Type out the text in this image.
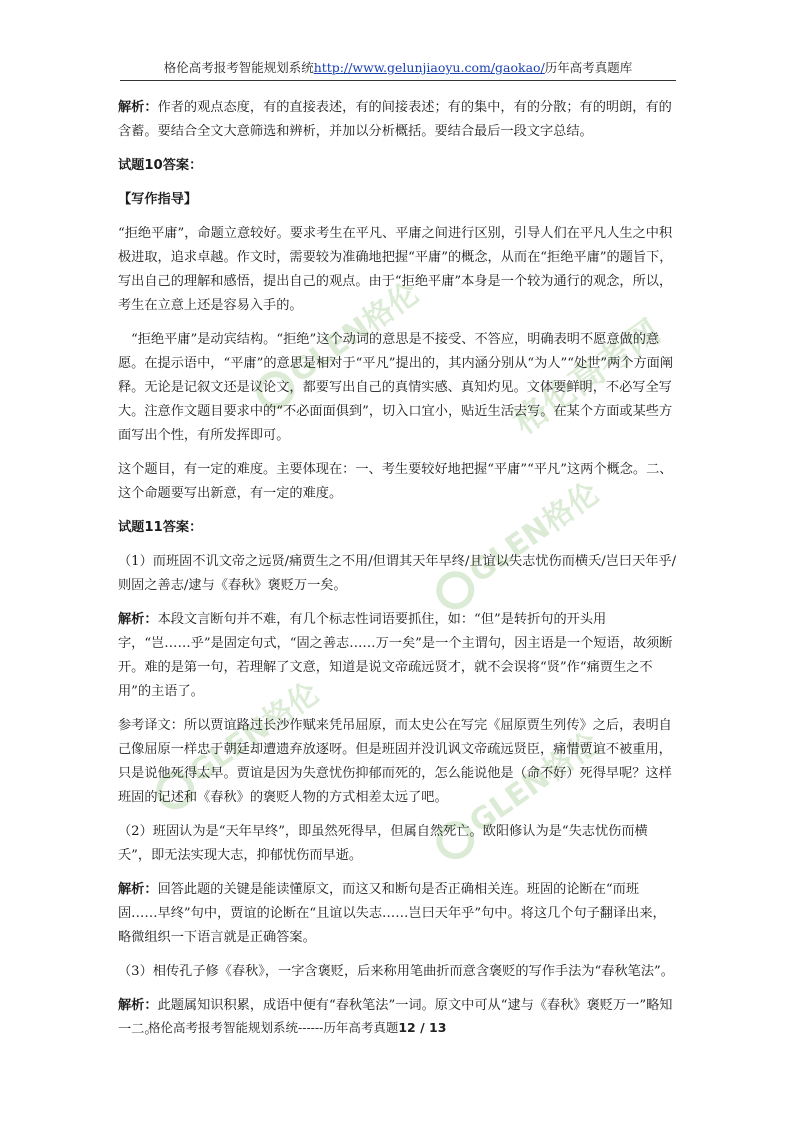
格伦高考报考智能规划系统http://www.gelunjiaoyu.com/gaokao/历年高考真题库
GLEN格伦 格伦高考网
GLEN格伦
GLEN格伦	GLEN格伦

解析：作者的观点态度，有的直接表述，有的间接表述；有的集中，有的分散；有的明朗，有的含蓄。要结合全文大意筛选和辨析，并加以分析概括。要结合最后一段文字总结。

试题10答案：

【写作指导】

“拒绝平庸”，命题立意较好。要求考生在平凡、平庸之间进行区别，引导人们在平凡人生之中积极进取，追求卓越。作文时，需要较为准确地把握“平庸”的概念，从而在“拒绝平庸”的题旨下，写出自己的理解和感悟，提出自己的观点。由于“拒绝平庸”本身是一个较为通行的观念，所以，考生在立意上还是容易入手的。

“拒绝平庸”是动宾结构。“拒绝”这个动词的意思是不接受、不答应，明确表明不愿意做的意愿。在提示语中，“平庸”的意思是相对于“平凡”提出的，其内涵分别从“为人”“处世”两个方面阐释。无论是记叙文还是议论文，都要写出自己的真情实感、真知灼见。文体要鲜明，不必写全写大。注意作文题目要求中的“不必面面俱到”，切入口宜小，贴近生活去写。在某个方面或某些方面写出个性，有所发挥即可。

这个题目，有一定的难度。主要体现在：一、考生要较好地把握“平庸”“平凡”这两个概念。二、这个命题要写出新意，有一定的难度。

试题11答案：

（1）而班固不讥文帝之远贤/痛贾生之不用/但谓其天年早终/且谊以失志忧伤而横夭/岂曰天年乎/则固之善志/逮与《春秋》褒贬万一矣。

解析：本段文言断句并不难，有几个标志性词语要抓住，如：“但”是转折句的开头用字，“岂……乎”是固定句式，“固之善志……万一矣”是一个主谓句，因主语是一个短语，故须断开。难的是第一句，若理解了文意，知道是说文帝疏远贤才，就不会误将“贤”作“痛贾生之不用”的主语了。

参考译文：所以贾谊路过长沙作赋来凭吊屈原，而太史公在写完《屈原贾生列传》之后，表明自己像屈原一样忠于朝廷却遭遗弃放逐呀。但是班固并没讥讽文帝疏远贤臣，痛惜贾谊不被重用，只是说他死得太早。贾谊是因为失意忧伤抑郁而死的，怎么能说他是（命不好）死得早呢？这样班固的记述和《春秋》的褒贬人物的方式相差太远了吧。

（2）班固认为是“天年早终”，即虽然死得早，但属自然死亡。欧阳修认为是“失志忧伤而横夭”，即无法实现大志，抑郁忧伤而早逝。

解析：回答此题的关键是能读懂原文，而这又和断句是否正确相关连。班固的论断在“而班固……早终”句中，贾谊的论断在“且谊以失志……岂曰天年乎”句中。将这几个句子翻译出来，略微组织一下语言就是正确答案。

（3）相传孔子修《春秋》，一字含褒贬，后来称用笔曲折而意含褒贬的写作手法为“春秋笔法”。

解析：此题属知识积累，成语中便有“春秋笔法”一词。原文中可从“逮与《春秋》褒贬万一”略知一二。

格伦高考报考智能规划系统------历年高考真题12 / 13
